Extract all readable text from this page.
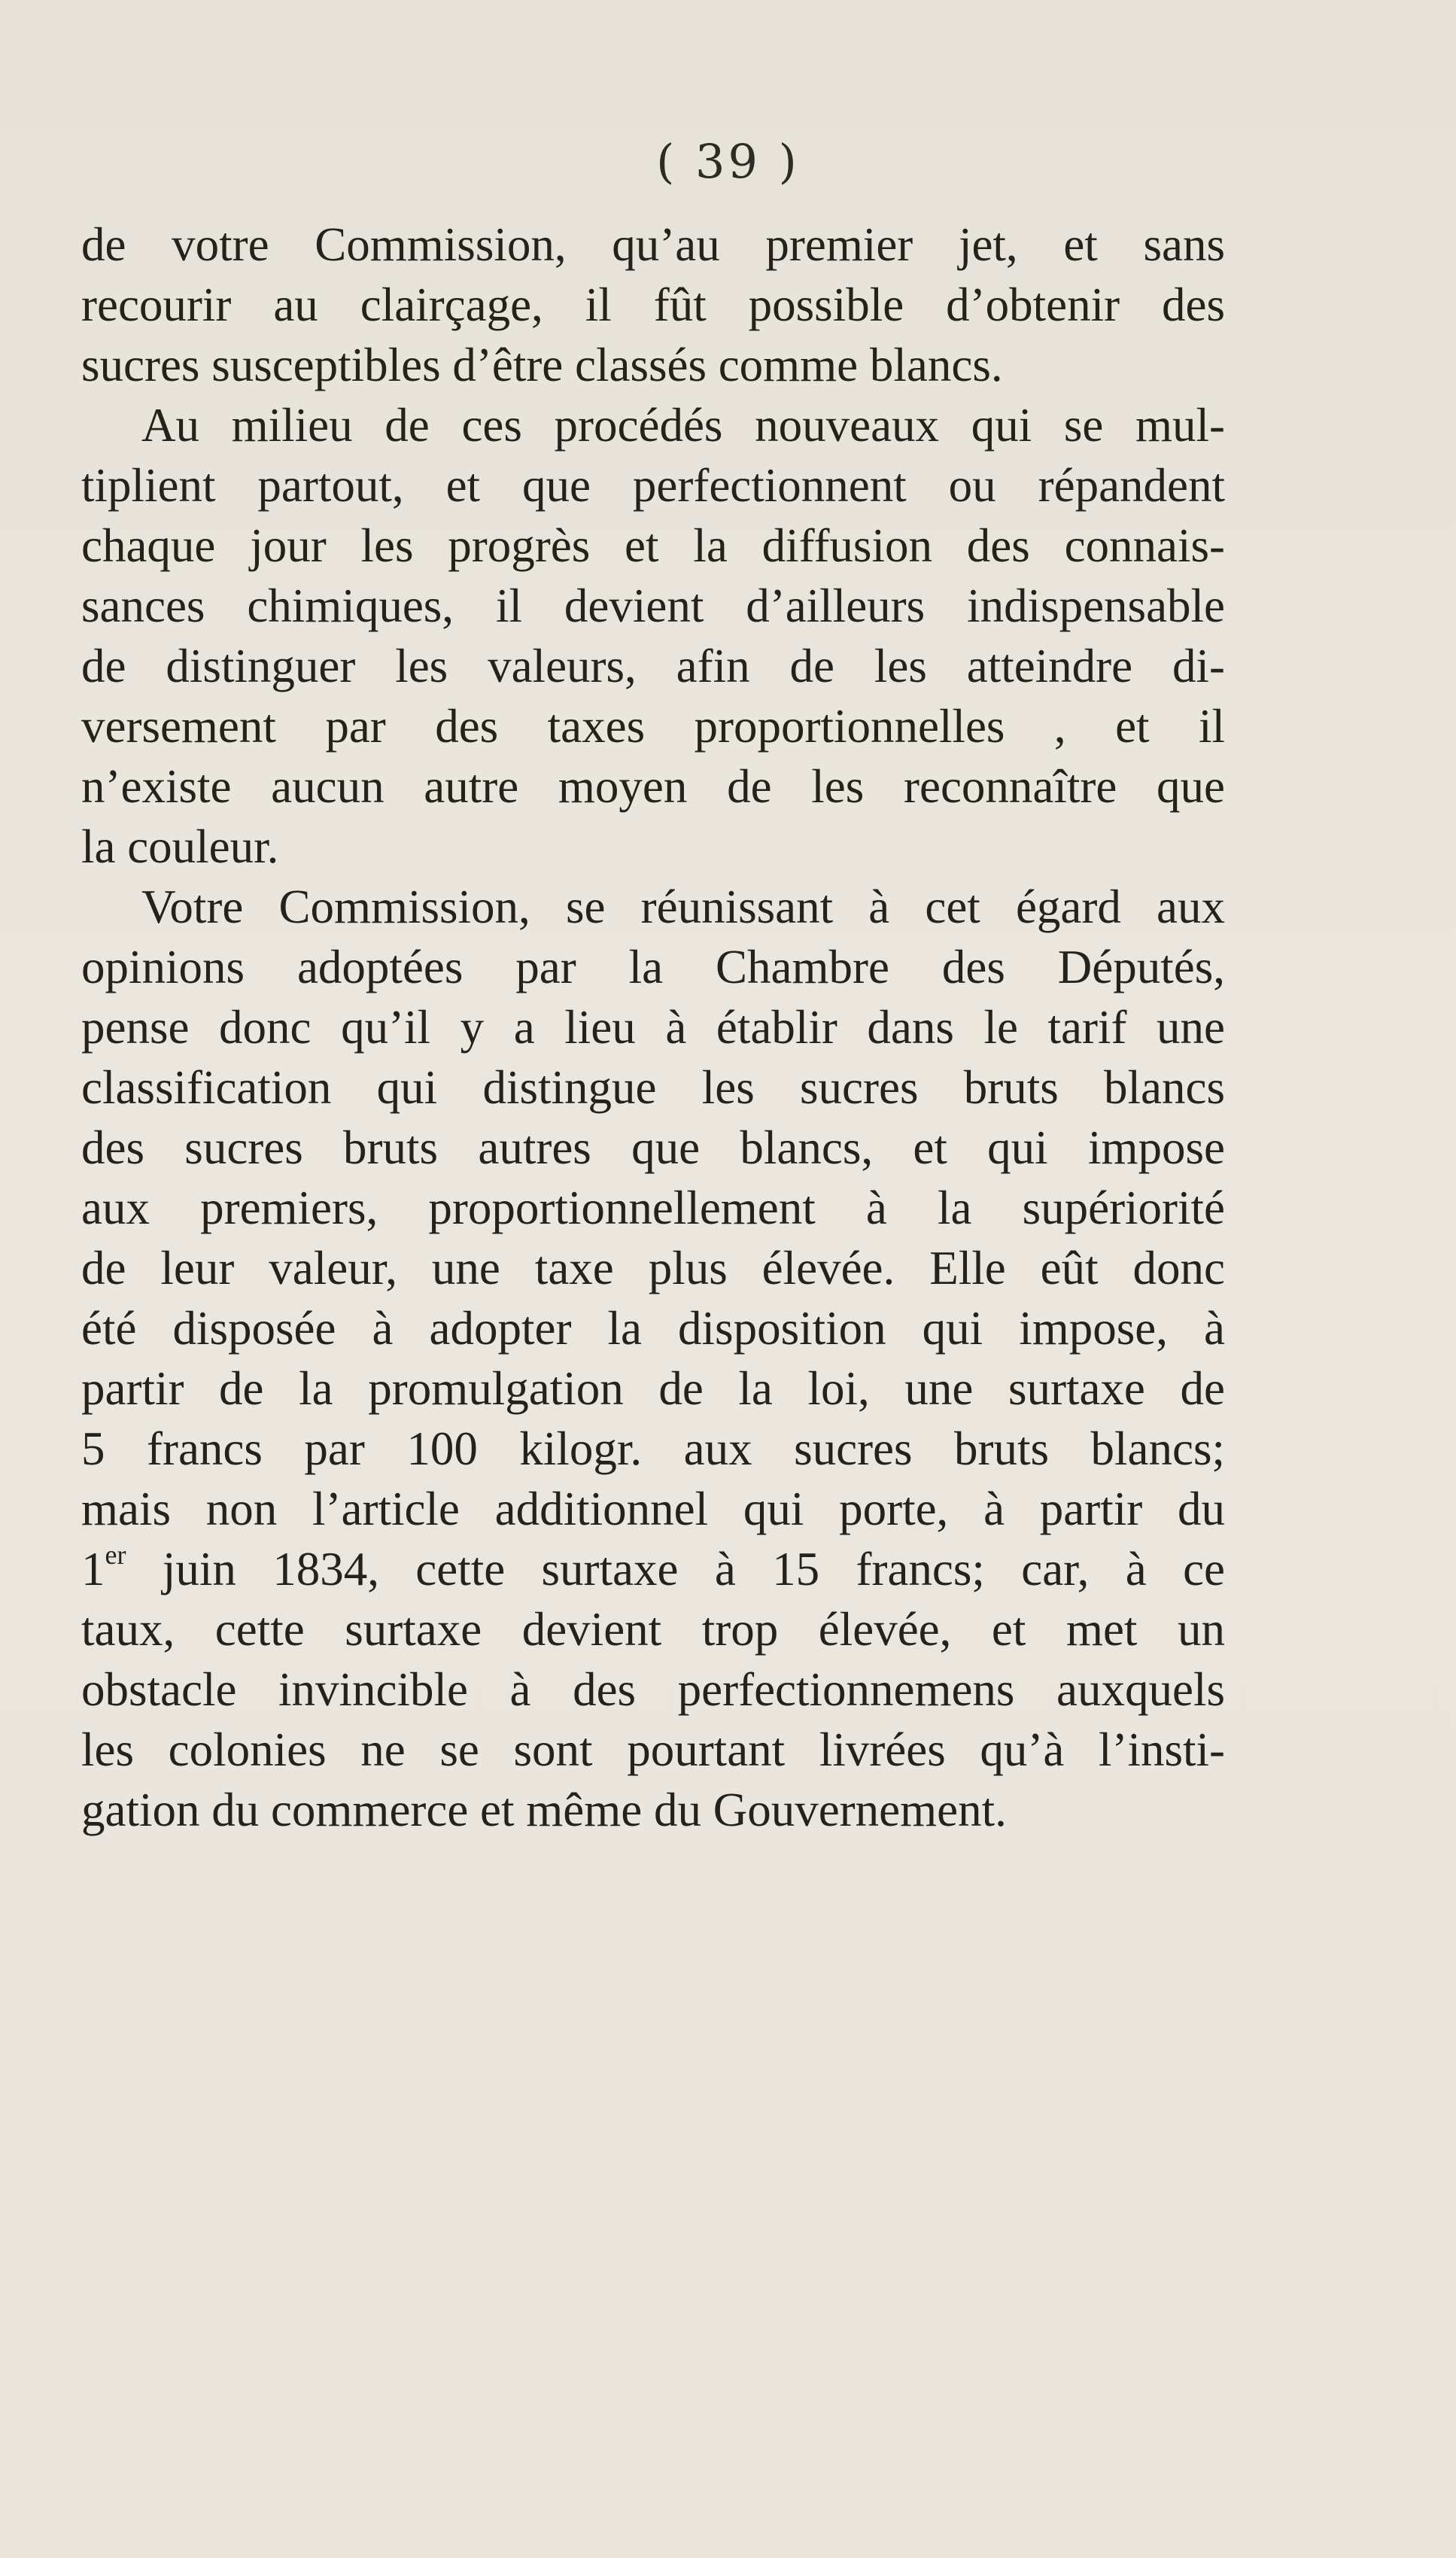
( 39 )
de votre Commission, qu’au premier jet, et sans
recourir au clairçage, il fût possible d’obtenir des
sucres susceptibles d’être classés comme blancs.
Au milieu de ces procédés nouveaux qui se mul-
tiplient partout, et que perfectionnent ou répandent
chaque jour les progrès et la diffusion des connais-
sances chimiques, il devient d’ailleurs indispensable
de distinguer les valeurs, afin de les atteindre di-
versement par des taxes proportionnelles , et il
n’existe aucun autre moyen de les reconnaître que
la couleur.
Votre Commission, se réunissant à cet égard aux
opinions adoptées par la Chambre des Députés,
pense donc qu’il y a lieu à établir dans le tarif une
classification qui distingue les sucres bruts blancs
des sucres bruts autres que blancs, et qui impose
aux premiers, proportionnellement à la supériorité
de leur valeur, une taxe plus élevée. Elle eût donc
été disposée à adopter la disposition qui impose, à
partir de la promulgation de la loi, une surtaxe de
5 francs par 100 kilogr. aux sucres bruts blancs;
mais non l’article additionnel qui porte, à partir du
1er juin 1834, cette surtaxe à 15 francs; car, à ce
taux, cette surtaxe devient trop élevée, et met un
obstacle invincible à des perfectionnemens auxquels
les colonies ne se sont pourtant livrées qu’à l’insti-
gation du commerce et même du Gouvernement.
